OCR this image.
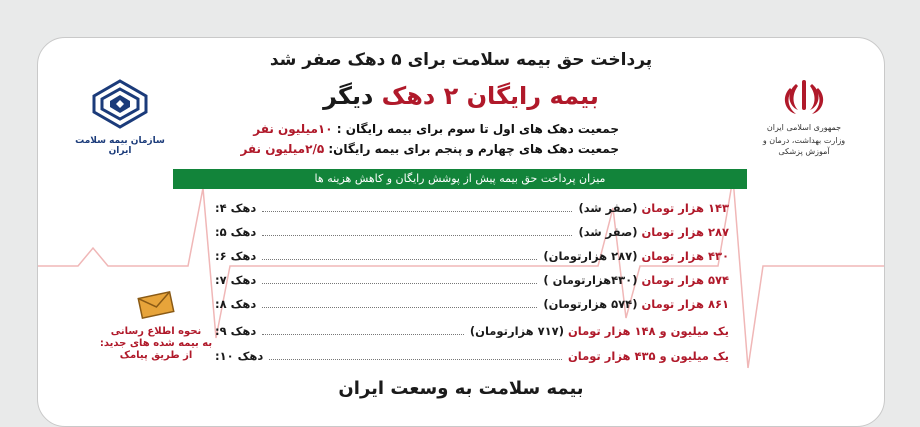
پرداخت حق بیمه سلامت برای ۵ دهک صفر شد
بیمه رایگان ۲ دهک دیگر
جمعیت دهک های اول تا سوم برای بیمه رایگان : ۱۰میلیون نفر
جمعیت دهک های چهارم و پنجم برای بیمه رایگان: ۲/۵میلیون نفر
میزان پرداخت حق بیمه پیش از پوشش رایگان و کاهش هزینه ها
دهک ۴:	۱۴۳ هزار تومان (صفر شد)
دهک ۵:	۲۸۷ هزار تومان (صفر شد)
دهک ۶:	۴۳۰ هزار تومان (۲۸۷ هزارتومان)
دهک ۷:	۵۷۴ هزار تومان (۴۳۰هزارتومان )
دهک ۸:	۸۶۱ هزار تومان (۵۷۴ هزارتومان)
دهک ۹:	یک میلیون و ۱۴۸ هزار تومان (۷۱۷ هزارتومان)
دهک ۱۰:	یک میلیون و ۴۳۵ هزار تومان
بیمه سلامت به وسعت ایران
سازمان بیمه سلامت ایران
جمهوری اسلامی ایران
وزارت بهداشت، درمان و آموزش پزشکی
نحوه اطلاع رسانی
به بیمه شده های جدید:
از طریق پیامک
